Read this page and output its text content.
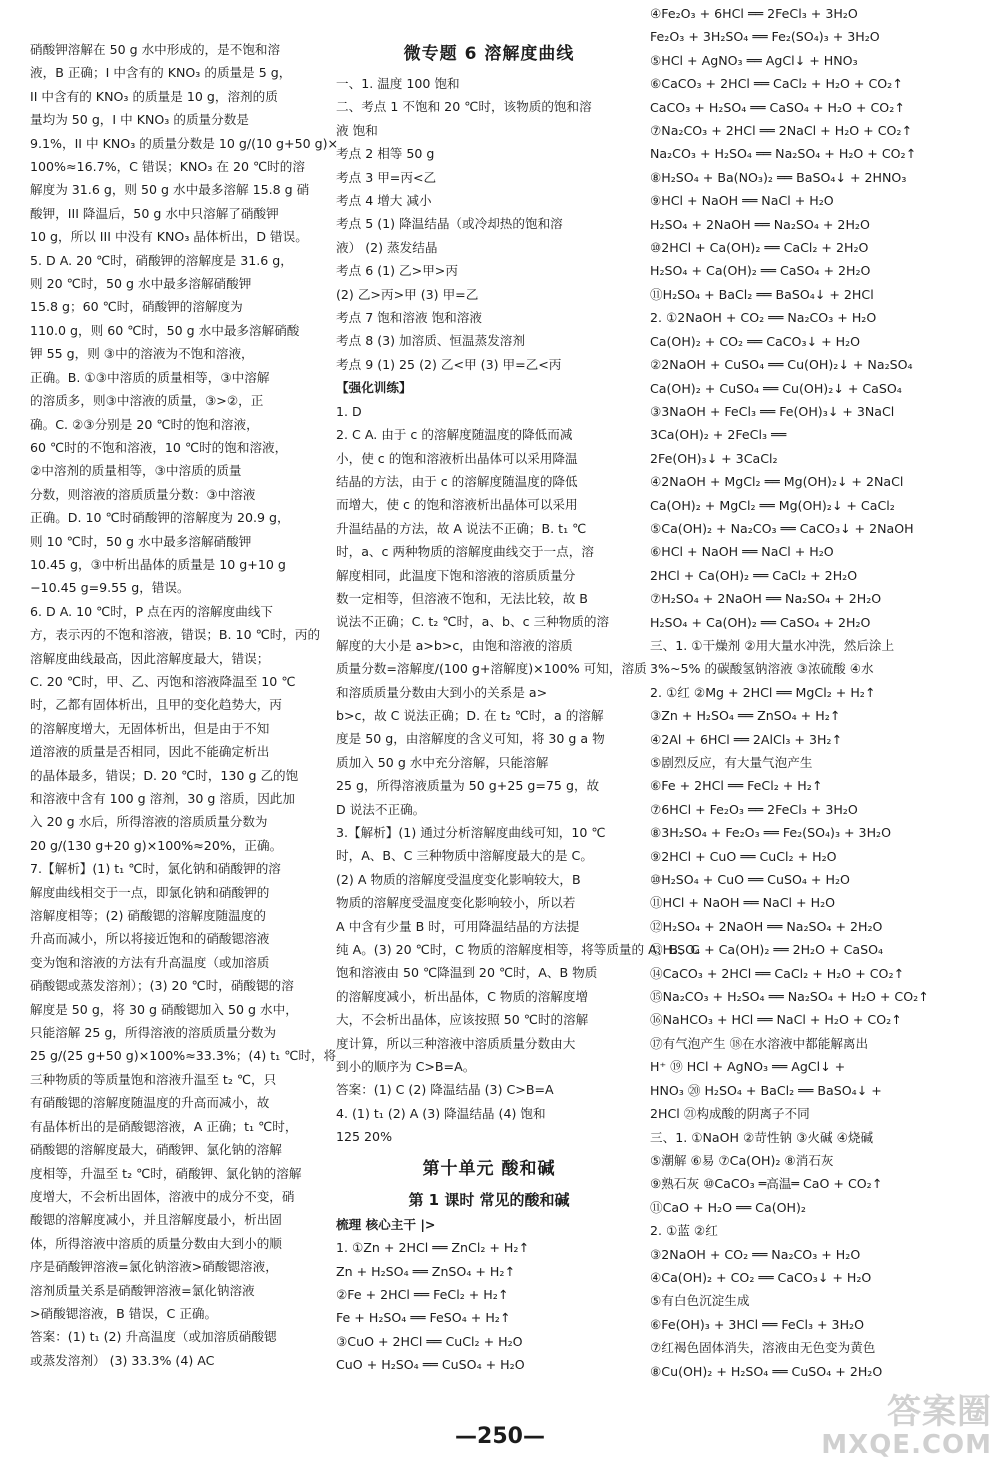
硝酸钾溶解在 50 g 水中形成的，是不饱和溶
液，B 正确；I 中含有的 KNO₃ 的质量是 5 g，
II 中含有的 KNO₃ 的质量是 10 g，溶剂的质
量均为 50 g，I 中 KNO₃ 的质量分数是
9.1%，II 中 KNO₃ 的质量分数是 10 g/(10 g+50 g)×
100%≈16.7%，C 错误；KNO₃ 在 20 ℃时的溶
解度为 31.6 g，则 50 g 水中最多溶解 15.8 g 硝
酸钾，III 降温后，50 g 水中只溶解了硝酸钾
10 g，所以 III 中没有 KNO₃ 晶体析出，D 错误。
5. D A. 20 ℃时，硝酸钾的溶解度是 31.6 g，
则 20 ℃时，50 g 水中最多溶解硝酸钾
15.8 g；60 ℃时，硝酸钾的溶解度为
110.0 g，则 60 ℃时，50 g 水中最多溶解硝酸
钾 55 g，则 ③中的溶液为不饱和溶液，
正确。B. ①③中溶质的质量相等，③中溶解
的溶质多，则③中溶液的质量，③>②，正
确。C. ②③分别是 20 ℃时的饱和溶液，
60 ℃时的不饱和溶液，10 ℃时的饱和溶液，
②中溶剂的质量相等，③中溶质的质量
分数，则溶液的溶质质量分数：③中溶液
正确。D. 10 ℃时硝酸钾的溶解度为 20.9 g，
则 10 ℃时，50 g 水中最多溶解硝酸钾
10.45 g，③中析出晶体的质量是 10 g+10 g
−10.45 g=9.55 g，错误。
6. D A. 10 ℃时，P 点在丙的溶解度曲线下
方，表示丙的不饱和溶液，错误；B. 10 ℃时，丙的
溶解度曲线最高，因此溶解度最大，错误；
C. 20 ℃时，甲、乙、丙饱和溶液降温至 10 ℃
时，乙都有固体析出，且甲的变化趋势大，丙
的溶解度增大，无固体析出，但是由于不知
道溶液的质量是否相同，因此不能确定析出
的晶体最多，错误；D. 20 ℃时，130 g 乙的饱
和溶液中含有 100 g 溶剂，30 g 溶质，因此加
入 20 g 水后，所得溶液的溶质质量分数为
20 g/(130 g+20 g)×100%≈20%，正确。
7.【解析】(1) t₁ ℃时，氯化钠和硝酸钾的溶
解度曲线相交于一点，即氯化钠和硝酸钾的
溶解度相等；(2) 硝酸锶的溶解度随温度的
升高而减小，所以将接近饱和的硝酸锶溶液
变为饱和溶液的方法有升高温度（或加溶质
硝酸锶或蒸发溶剂）；(3) 20 ℃时，硝酸锶的溶
解度是 50 g，将 30 g 硝酸锶加入 50 g 水中，
只能溶解 25 g，所得溶液的溶质质量分数为
25 g/(25 g+50 g)×100%≈33.3%；(4) t₁ ℃时，将
三种物质的等质量饱和溶液升温至 t₂ ℃，只
有硝酸锶的溶解度随温度的升高而减小，故
有晶体析出的是硝酸锶溶液，A 正确；t₁ ℃时，
硝酸锶的溶解度最大，硝酸钾、氯化钠的溶解
度相等，升温至 t₂ ℃时，硝酸钾、氯化钠的溶解
度增大，不会析出固体，溶液中的成分不变，硝
酸锶的溶解度减小，并且溶解度最小，析出固
体，所得溶液中溶质的质量分数由大到小的顺
序是硝酸钾溶液=氯化钠溶液>硝酸锶溶液，
溶剂质量关系是硝酸钾溶液=氯化钠溶液
>硝酸锶溶液，B 错误，C 正确。
答案：(1) t₁ (2) 升高温度（或加溶质硝酸锶
或蒸发溶剂） (3) 33.3% (4) AC
微专题 6 溶解度曲线
一、1. 温度 100 饱和
二、考点 1 不饱和 20 ℃时，该物质的饱和溶
液 饱和
考点 2 相等 50 g
考点 3 甲=丙<乙
考点 4 增大 减小
考点 5 (1) 降温结晶（或冷却热的饱和溶
液） (2) 蒸发结晶
考点 6 (1) 乙>甲>丙
(2) 乙>丙>甲 (3) 甲=乙
考点 7 饱和溶液 饱和溶液
考点 8 (3) 加溶质、恒温蒸发溶剂
考点 9 (1) 25 (2) 乙<甲 (3) 甲=乙<丙
【强化训练】
1. D
2. C A. 由于 c 的溶解度随温度的降低而减
小，使 c 的饱和溶液析出晶体可以采用降温
结晶的方法，由于 c 的溶解度随温度的降低
而增大，使 c 的饱和溶液析出晶体可以采用
升温结晶的方法，故 A 说法不正确；B. t₁ ℃
时，a、c 两种物质的溶解度曲线交于一点，溶
解度相同，此温度下饱和溶液的溶质质量分
数一定相等，但溶液不饱和，无法比较，故 B
说法不正确；C. t₂ ℃时，a、b、c 三种物质的溶
解度的大小是 a>b>c，由饱和溶液的溶质
质量分数=溶解度/(100 g+溶解度)×100% 可知，溶质
和溶质质量分数由大到小的关系是 a>
b>c，故 C 说法正确；D. 在 t₂ ℃时，a 的溶解
度是 50 g，由溶解度的含义可知，将 30 g a 物
质加入 50 g 水中充分溶解，只能溶解
25 g，所得溶液质量为 50 g+25 g=75 g，故
D 说法不正确。
3.【解析】(1) 通过分析溶解度曲线可知，10 ℃
时，A、B、C 三种物质中溶解度最大的是 C。
(2) A 物质的溶解度受温度变化影响较大，B
物质的溶解度受温度变化影响较小，所以若
A 中含有少量 B 时，可用降温结晶的方法提
纯 A。(3) 20 ℃时，C 物质的溶解度相等，将等质量的 A、B、C
饱和溶液由 50 ℃降温到 20 ℃时，A、B 物质
的溶解度减小，析出晶体，C 物质的溶解度增
大，不会析出晶体，应该按照 50 ℃时的溶解
度计算，所以三种溶液中溶质质量分数由大
到小的顺序为 C>B=A。
答案：(1) C (2) 降温结晶 (3) C>B=A
4. (1) t₁ (2) A (3) 降温结晶 (4) 饱和
125 20%
第十单元 酸和碱
第 1 课时 常见的酸和碱
梳理 核心主干 |>
1. ①Zn + 2HCl ══ ZnCl₂ + H₂↑
Zn + H₂SO₄ ══ ZnSO₄ + H₂↑
②Fe + 2HCl ══ FeCl₂ + H₂↑
Fe + H₂SO₄ ══ FeSO₄ + H₂↑
③CuO + 2HCl ══ CuCl₂ + H₂O
CuO + H₂SO₄ ══ CuSO₄ + H₂O
④Fe₂O₃ + 6HCl ══ 2FeCl₃ + 3H₂O
Fe₂O₃ + 3H₂SO₄ ══ Fe₂(SO₄)₃ + 3H₂O
⑤HCl + AgNO₃ ══ AgCl↓ + HNO₃
⑥CaCO₃ + 2HCl ══ CaCl₂ + H₂O + CO₂↑
CaCO₃ + H₂SO₄ ══ CaSO₄ + H₂O + CO₂↑
⑦Na₂CO₃ + 2HCl ══ 2NaCl + H₂O + CO₂↑
Na₂CO₃ + H₂SO₄ ══ Na₂SO₄ + H₂O + CO₂↑
⑧H₂SO₄ + Ba(NO₃)₂ ══ BaSO₄↓ + 2HNO₃
⑨HCl + NaOH ══ NaCl + H₂O
H₂SO₄ + 2NaOH ══ Na₂SO₄ + 2H₂O
⑩2HCl + Ca(OH)₂ ══ CaCl₂ + 2H₂O
H₂SO₄ + Ca(OH)₂ ══ CaSO₄ + 2H₂O
⑪H₂SO₄ + BaCl₂ ══ BaSO₄↓ + 2HCl
2. ①2NaOH + CO₂ ══ Na₂CO₃ + H₂O
Ca(OH)₂ + CO₂ ══ CaCO₃↓ + H₂O
②2NaOH + CuSO₄ ══ Cu(OH)₂↓ + Na₂SO₄
Ca(OH)₂ + CuSO₄ ══ Cu(OH)₂↓ + CaSO₄
③3NaOH + FeCl₃ ══ Fe(OH)₃↓ + 3NaCl
3Ca(OH)₂ + 2FeCl₃ ══
2Fe(OH)₃↓ + 3CaCl₂
④2NaOH + MgCl₂ ══ Mg(OH)₂↓ + 2NaCl
Ca(OH)₂ + MgCl₂ ══ Mg(OH)₂↓ + CaCl₂
⑤Ca(OH)₂ + Na₂CO₃ ══ CaCO₃↓ + 2NaOH
⑥HCl + NaOH ══ NaCl + H₂O
2HCl + Ca(OH)₂ ══ CaCl₂ + 2H₂O
⑦H₂SO₄ + 2NaOH ══ Na₂SO₄ + 2H₂O
H₂SO₄ + Ca(OH)₂ ══ CaSO₄ + 2H₂O
三、1. ①干燥剂 ②用大量水冲洗，然后涂上
3%~5% 的碳酸氢钠溶液 ③浓硫酸 ④水
2. ①红 ②Mg + 2HCl ══ MgCl₂ + H₂↑
③Zn + H₂SO₄ ══ ZnSO₄ + H₂↑
④2Al + 6HCl ══ 2AlCl₃ + 3H₂↑
⑤剧烈反应，有大量气泡产生
⑥Fe + 2HCl ══ FeCl₂ + H₂↑
⑦6HCl + Fe₂O₃ ══ 2FeCl₃ + 3H₂O
⑧3H₂SO₄ + Fe₂O₃ ══ Fe₂(SO₄)₃ + 3H₂O
⑨2HCl + CuO ══ CuCl₂ + H₂O
⑩H₂SO₄ + CuO ══ CuSO₄ + H₂O
⑪HCl + NaOH ══ NaCl + H₂O
⑫H₂SO₄ + 2NaOH ══ Na₂SO₄ + 2H₂O
⑬H₂SO₄ + Ca(OH)₂ ══ 2H₂O + CaSO₄
⑭CaCO₃ + 2HCl ══ CaCl₂ + H₂O + CO₂↑
⑮Na₂CO₃ + H₂SO₄ ══ Na₂SO₄ + H₂O + CO₂↑
⑯NaHCO₃ + HCl ══ NaCl + H₂O + CO₂↑
⑰有气泡产生 ⑱在水溶液中都能解离出
H⁺ ⑲ HCl + AgNO₃ ══ AgCl↓ +
HNO₃ ⑳ H₂SO₄ + BaCl₂ ══ BaSO₄↓ +
2HCl ㉑构成酸的阴离子不同
三、1. ①NaOH ②苛性钠 ③火碱 ④烧碱
⑤潮解 ⑥易 ⑦Ca(OH)₂ ⑧消石灰
⑨熟石灰 ⑩CaCO₃ ═高温═ CaO + CO₂↑
⑪CaO + H₂O ══ Ca(OH)₂
2. ①蓝 ②红
③2NaOH + CO₂ ══ Na₂CO₃ + H₂O
④Ca(OH)₂ + CO₂ ══ CaCO₃↓ + H₂O
⑤有白色沉淀生成
⑥Fe(OH)₃ + 3HCl ══ FeCl₃ + 3H₂O
⑦红褐色固体消失，溶液由无色变为黄色
⑧Cu(OH)₂ + H₂SO₄ ══ CuSO₄ + 2H₂O
—250—
答案圈
MXQE.COM
